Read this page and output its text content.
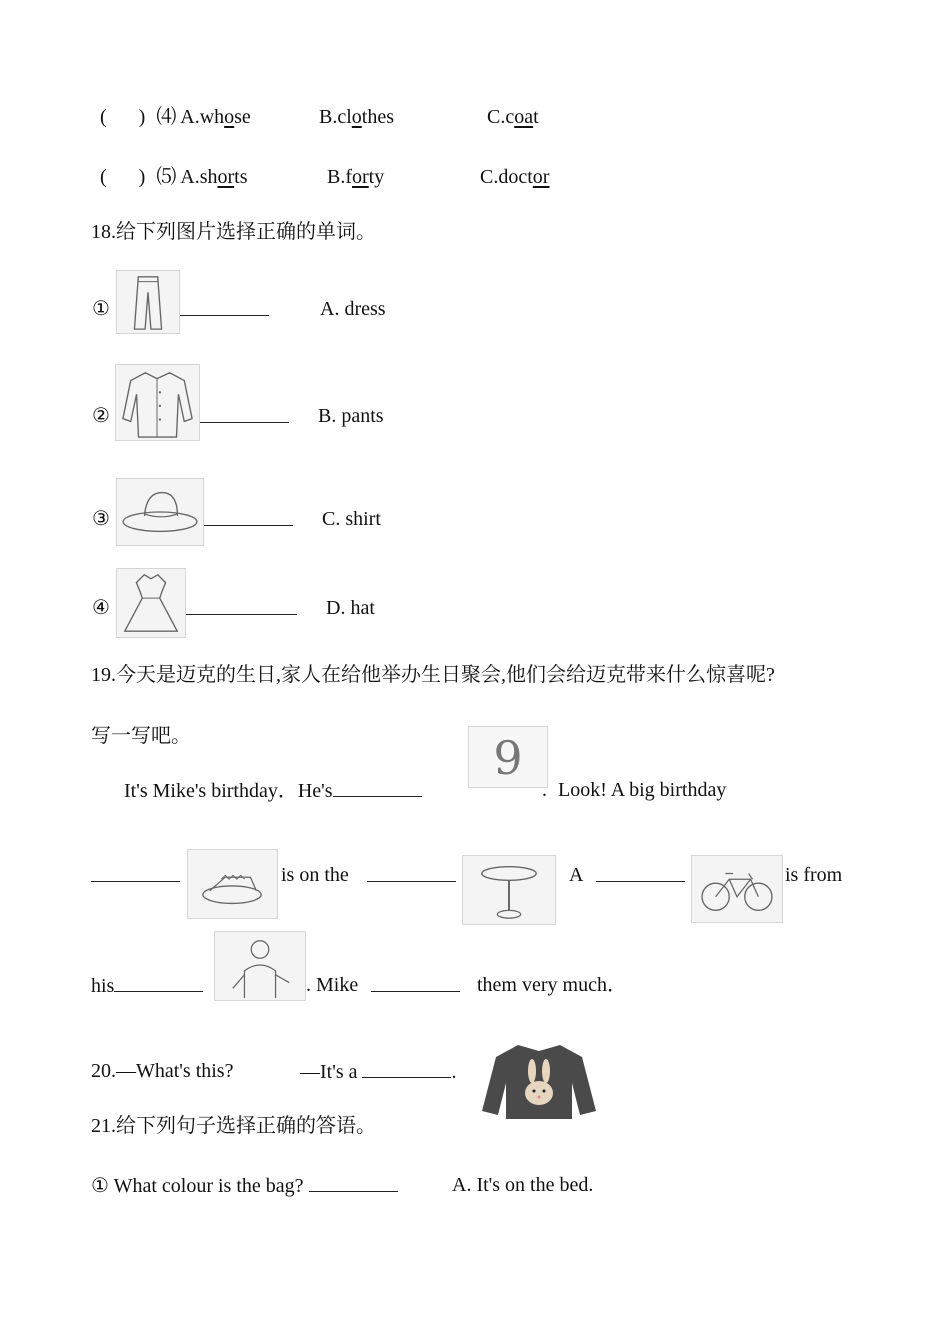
( ) ⑷ A.whose	B.clothes	C.coat
( ) ⑸ A.shorts	B.forty	C.doctor
18.给下列图片选择正确的单词。
①	A. dress
②	B. pants
③	C. shirt
④	D. hat
19.今天是迈克的生日,家人在给他举办生日聚会,他们会给迈克带来什么惊喜呢?
写一写吧。
It's Mike's birthday．He's
9
. Look! A big birthday
is on the	A	is from
his	. Mike	them very much．
20.—What's this?	—It's a	.
21.给下列句子选择正确的答语。
① What colour is the bag?	A. It's on the bed.
